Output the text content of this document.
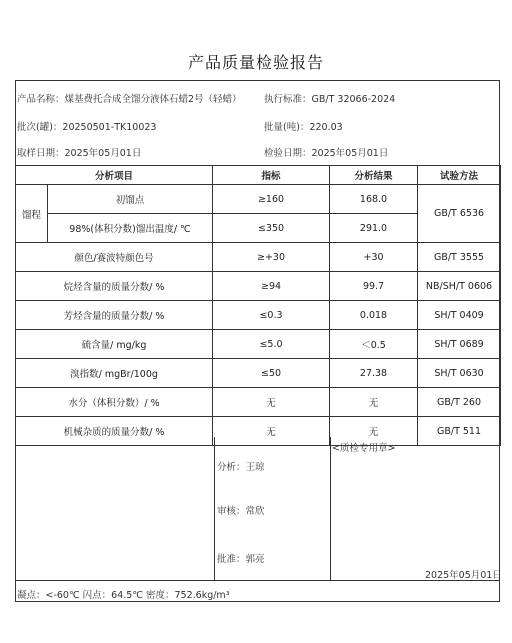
产品质量检验报告
产品名称：煤基费托合成全馏分液体石蜡2号（轻蜡） 执行标准：GB/T 32066-2024
批次(罐)：20250501-TK10023	批量(吨)：220.03
取样日期：2025年05月01日	检验日期：2025年05月01日
分析项目		指标	分析结果	试验方法
馏程	初馏点	≥160	168.0	GB/T 6536
	98%(体积分数)馏出温度/ ℃	≤350	291.0	
颜色/赛波特颜色号		≥+30	+30	GB/T 3555
烷烃含量的质量分数/ %		≥94	99.7	NB/SH/T 0606
芳烃含量的质量分数/ %		≤0.3	0.018	SH/T 0409
硫含量/ mg/kg		≤5.0	＜0.5	SH/T 0689
溴指数/ mgBr/100g		≤50	27.38	SH/T 0630
水分（体积分数）/ %		无	无	GB/T 260
机械杂质的质量分数/ %		无	无	GB/T 511
分析：王琼
审核：常欣
批准：郭亮
<质检专用章>
2025年05月01日
凝点：<-60℃ 闪点：64.5℃ 密度：752.6kg/m³
